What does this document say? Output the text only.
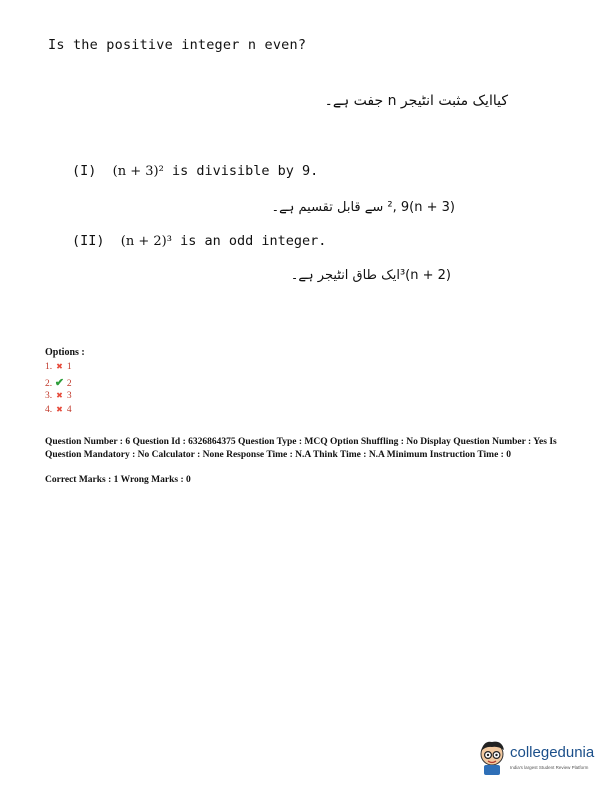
Is the positive integer n even?
کیاایک مثبت انٹیجر n جفت ہے۔
(I) (n + 3)² is divisible by 9.
(n + 3)², 9 سے قابل تقسیم ہے۔
(II) (n + 2)³ is an odd integer.
(n + 2)³ایک طاق انٹیجر ہے۔
Options :
1. ✖ 1
2. ✔ 2
3. ✖ 3
4. ✖ 4
Question Number : 6 Question Id : 6326864375 Question Type : MCQ Option Shuffling : No Display Question Number : Yes Is Question Mandatory : No Calculator : None Response Time : N.A Think Time : N.A Minimum Instruction Time : 0
Correct Marks : 1 Wrong Marks : 0
collegedunia
India's largest Student Review Platform
